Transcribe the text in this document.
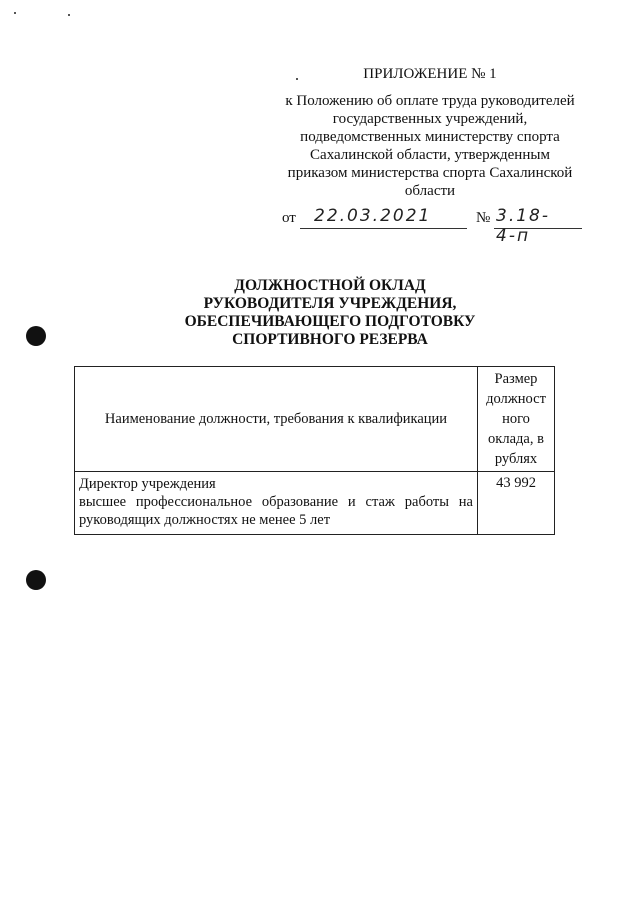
ПРИЛОЖЕНИЕ № 1
к Положению об оплате труда руководителей
государственных учреждений,
подведомственных министерству спорта
Сахалинской области, утвержденным
приказом министерства спорта Сахалинской
области
от 22.03.2021	№ 3.18-4-п
ДОЛЖНОСТНОЙ ОКЛАД
РУКОВОДИТЕЛЯ УЧРЕЖДЕНИЯ,
ОБЕСПЕЧИВАЮЩЕГО ПОДГОТОВКУ
СПОРТИВНОГО РЕЗЕРВА
Наименование должности, требования к квалификации	Размер
должност
ного
оклада, в
рублях

Директор учреждения
высшее профессиональное образование и стаж работы на руководящих должностях не менее 5 лет	43 992
